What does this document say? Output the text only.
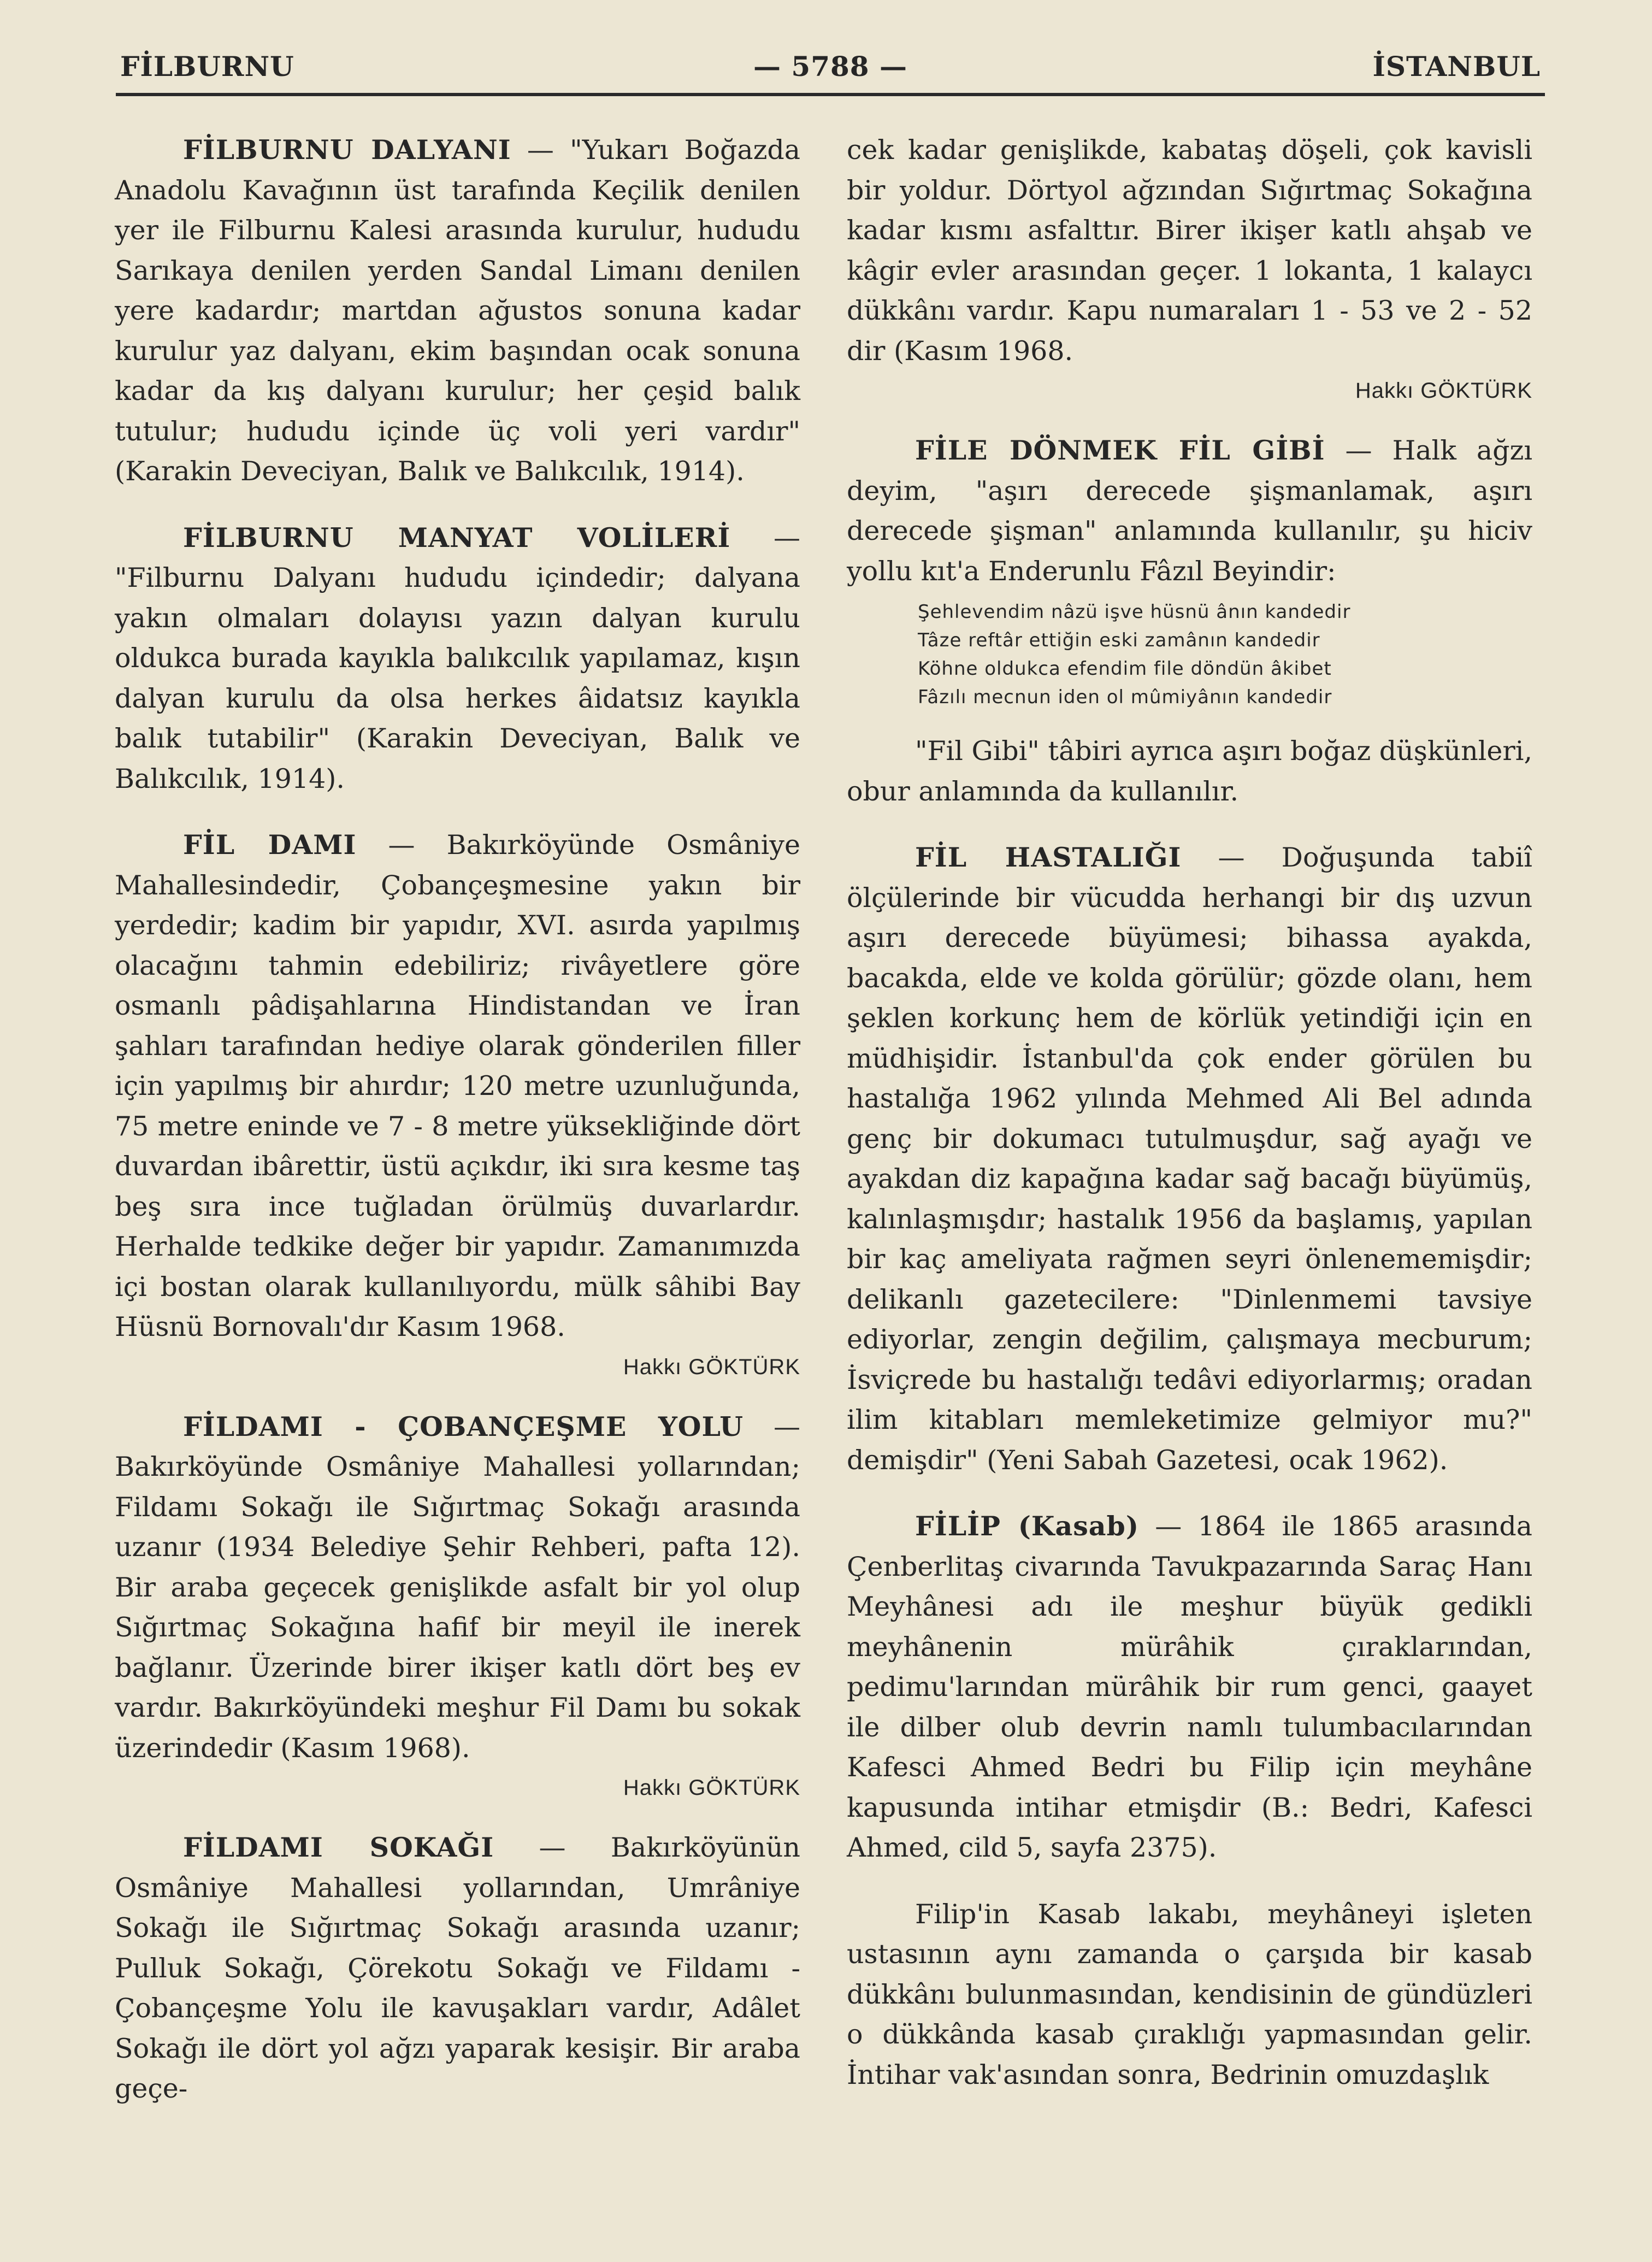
— 5788 —
FİLBURNU	İSTANBUL

FİLBURNU DALYANI — "Yukarı Boğazda Anadolu Kavağının üst tarafında Keçilik denilen yer ile Filburnu Kalesi arasında kurulur, hududu Sarıkaya denilen yerden Sandal Limanı denilen yere kadardır; martdan ağustos sonuna kadar kurulur yaz dalyanı, ekim başından ocak sonuna kadar da kış dalyanı kurulur; her çeşid balık tutulur; hududu içinde üç voli yeri vardır" (Karakin Deveciyan, Balık ve Balıkcılık, 1914).

FİLBURNU MANYAT VOLİLERİ — "Filburnu Dalyanı hududu içindedir; dalyana yakın olmaları dolayısı yazın dalyan kurulu oldukca burada kayıkla balıkcılık yapılamaz, kışın dalyan kurulu da olsa herkes âidatsız kayıkla balık tutabilir" (Karakin Deveciyan, Balık ve Balıkcılık, 1914).

FİL DAMI — Bakırköyünde Osmâniye Mahallesindedir, Çobançeşmesine yakın bir yerdedir; kadim bir yapıdır, XVI. asırda yapılmış olacağını tahmin edebiliriz; rivâyetlere göre osmanlı pâdişahlarına Hindistandan ve İran şahları tarafından hediye olarak gönderilen filler için yapılmış bir ahırdır; 120 metre uzunluğunda, 75 metre eninde ve 7 - 8 metre yüksekliğinde dört duvardan ibârettir, üstü açıkdır, iki sıra kesme taş beş sıra ince tuğladan örülmüş duvarlardır. Herhalde tedkike değer bir yapıdır. Zamanımızda içi bostan olarak kullanılıyordu, mülk sâhibi Bay Hüsnü Bornovalı'dır Kasım 1968.

Hakkı GÖKTÜRK

FİLDAMI - ÇOBANÇEŞME YOLU — Bakırköyünde Osmâniye Mahallesi yollarından; Fildamı Sokağı ile Sığırtmaç Sokağı arasında uzanır (1934 Belediye Şehir Rehberi, pafta 12). Bir araba geçecek genişlikde asfalt bir yol olup Sığırtmaç Sokağına hafif bir meyil ile inerek bağlanır. Üzerinde birer ikişer katlı dört beş ev vardır. Bakırköyündeki meşhur Fil Damı bu sokak üzerindedir (Kasım 1968).

Hakkı GÖKTÜRK

FİLDAMI SOKAĞI — Bakırköyünün Osmâniye Mahallesi yollarından, Umrâniye Sokağı ile Sığırtmaç Sokağı arasında uzanır; Pulluk Sokağı, Çörekotu Sokağı ve Fildamı - Çobançeşme Yolu ile kavuşakları vardır, Adâlet Sokağı ile dört yol ağzı yaparak kesişir. Bir araba geçe-

cek kadar genişlikde, kabataş döşeli, çok kavisli bir yoldur. Dörtyol ağzından Sığırtmaç Sokağına kadar kısmı asfalttır. Birer ikişer katlı ahşab ve kâgir evler arasından geçer. 1 lokanta, 1 kalaycı dükkânı vardır. Kapu numaraları 1 - 53 ve 2 - 52 dir (Kasım 1968.

Hakkı GÖKTÜRK

FİLE DÖNMEK FİL GİBİ — Halk ağzı deyim, "aşırı derecede şişmanlamak, aşırı derecede şişman" anlamında kullanılır, şu hiciv yollu kıt'a Enderunlu Fâzıl Beyindir:

Şehlevendim nâzü işve hüsnü ânın kandedir
Tâze reftâr ettiğin eski zamânın kandedir
Köhne oldukca efendim file döndün âkibet
Fâzılı mecnun iden ol mûmiyânın kandedir

"Fil Gibi" tâbiri ayrıca aşırı boğaz düşkünleri, obur anlamında da kullanılır.

FİL HASTALIĞI — Doğuşunda tabiî ölçülerinde bir vücudda herhangi bir dış uzvun aşırı derecede büyümesi; bihassa ayakda, bacakda, elde ve kolda görülür; gözde olanı, hem şeklen korkunç hem de körlük yetindiği için en müdhişidir. İstanbul'da çok ender görülen bu hastalığa 1962 yılında Mehmed Ali Bel adında genç bir dokumacı tutulmuşdur, sağ ayağı ve ayakdan diz kapağına kadar sağ bacağı büyümüş, kalınlaşmışdır; hastalık 1956 da başlamış, yapılan bir kaç ameliyata rağmen seyri önlenememişdir; delikanlı gazetecilere: "Dinlenmemi tavsiye ediyorlar, zengin değilim, çalışmaya mecburum; İsviçrede bu hastalığı tedâvi ediyorlarmış; oradan ilim kitabları memleketimize gelmiyor mu?" demişdir" (Yeni Sabah Gazetesi, ocak 1962).

FİLİP (Kasab) — 1864 ile 1865 arasında Çenberlitaş civarında Tavukpazarında Saraç Hanı Meyhânesi adı ile meşhur büyük gedikli meyhânenin mürâhik çıraklarından, pedimu'larından mürâhik bir rum genci, gaayet ile dilber olub devrin namlı tulumbacılarından Kafesci Ahmed Bedri bu Filip için meyhâne kapusunda intihar etmişdir (B.: Bedri, Kafesci Ahmed, cild 5, sayfa 2375).

Filip'in Kasab lakabı, meyhâneyi işleten ustasının aynı zamanda o çarşıda bir kasab dükkânı bulunmasından, kendisinin de gündüzleri o dükkânda kasab çıraklığı yapmasından gelir. İntihar vak'asından sonra, Bedrinin omuzdaşlık
